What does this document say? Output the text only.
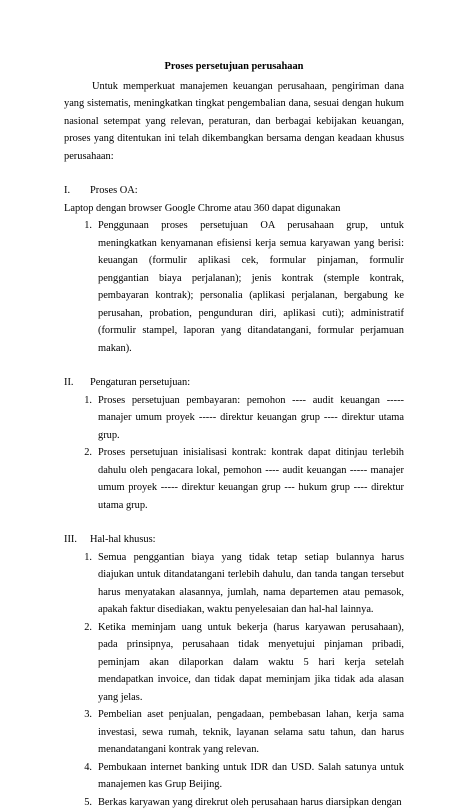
Proses persetujuan perusahaan

Untuk memperkuat manajemen keuangan perusahaan, pengiriman dana yang sistematis, meningkatkan tingkat pengembalian dana, sesuai dengan hukum nasional setempat yang relevan, peraturan, dan berbagai kebijakan keuangan, proses yang ditentukan ini telah dikembangkan bersama dengan keadaan khusus perusahaan:

I.	Proses OA:

Laptop dengan browser Google Chrome atau 360 dapat digunakan

1. Penggunaan proses persetujuan OA perusahaan grup, untuk meningkatkan kenyamanan efisiensi kerja semua karyawan yang berisi: keuangan (formulir aplikasi cek, formular pinjaman, formulir penggantian biaya perjalanan); jenis kontrak (stemple kontrak, pembayaran kontrak); personalia (aplikasi perjalanan, bergabung ke perusahan, probation, pengunduran diri, aplikasi cuti); administratif (formulir stampel, laporan yang ditandatangani, formular perjamuan makan).
II.	Pengaturan persetujuan:
1. Proses persetujuan pembayaran: pemohon ---- audit keuangan ----- manajer umum proyek ----- direktur keuangan grup ---- direktur utama grup.
2. Proses persetujuan inisialisasi kontrak: kontrak dapat ditinjau terlebih dahulu oleh pengacara lokal, pemohon ---- audit keuangan ----- manajer umum proyek ----- direktur keuangan grup --- hukum grup ---- direktur utama grup.
III.	Hal-hal khusus:
1. Semua penggantian biaya yang tidak tetap setiap bulannya harus diajukan untuk ditandatangani terlebih dahulu, dan tanda tangan tersebut harus menyatakan alasannya, jumlah, nama departemen atau pemasok, apakah faktur disediakan, waktu penyelesaian dan hal-hal lainnya.
2. Ketika meminjam uang untuk bekerja (harus karyawan perusahaan), pada prinsipnya, perusahaan tidak menyetujui pinjaman pribadi, peminjam akan dilaporkan dalam waktu 5 hari kerja setelah mendapatkan invoice, dan tidak dapat meminjam jika tidak ada alasan yang jelas.
3. Pembelian aset penjualan, pengadaan, pembebasan lahan, kerja sama investasi, sewa rumah, teknik, layanan selama satu tahun, dan harus menandatangani kontrak yang relevan.
4. Pembukaan internet banking untuk IDR dan USD. Salah satunya untuk manajemen kas Grup Beijing.
5. Berkas karyawan yang direkrut oleh perusahaan harus diarsipkan dengan
